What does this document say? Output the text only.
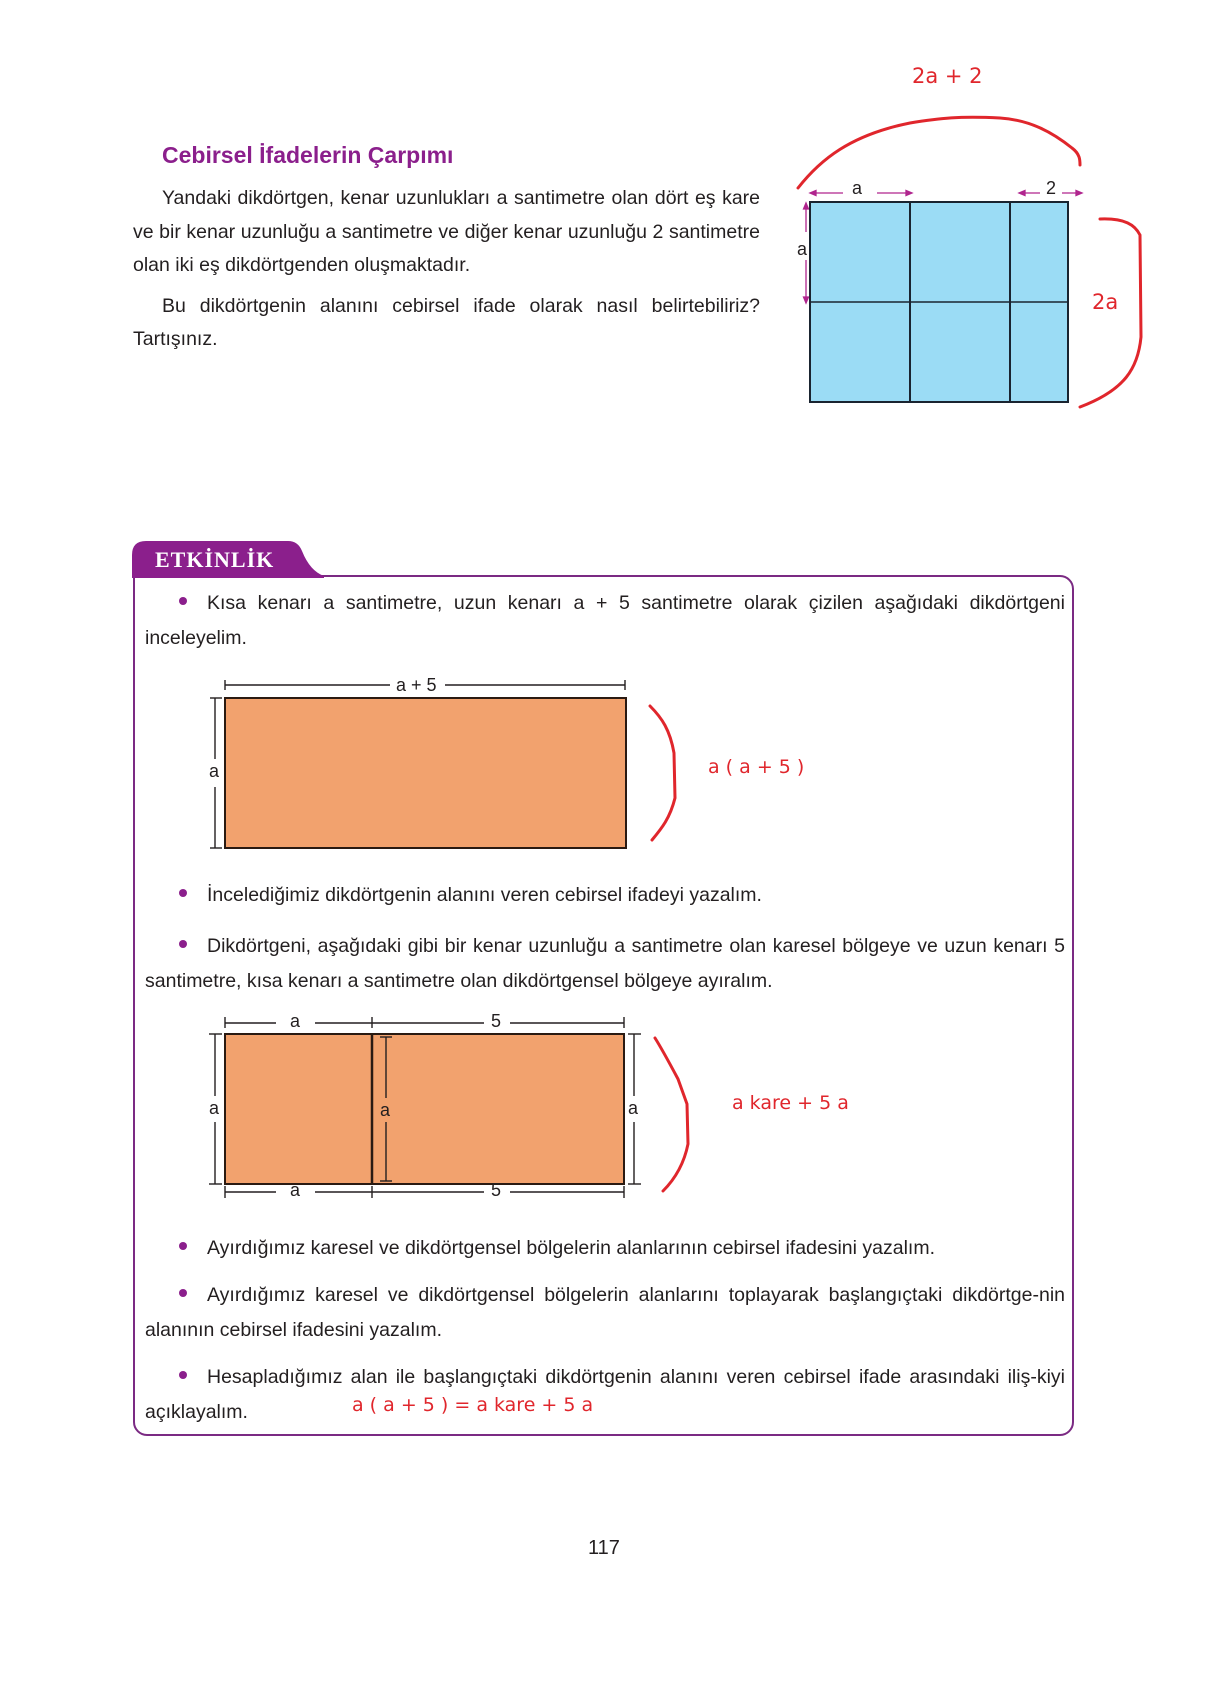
Cebirsel İfadelerin Çarpımı

Yandaki dikdörtgen, kenar uzunlukları a santimetre olan dört eş kare ve bir kenar uzunluğu a santimetre ve diğer kenar uzunluğu 2 santimetre olan iki eş dikdörtgenden oluşmaktadır.

Bu dikdörtgenin alanını cebirsel ifade olarak nasıl belirtebiliriz? Tartışınız.

a	2
a
2a + 2
2a
ETKİNLİK
Kısa kenarı a santimetre, uzun kenarı a + 5 santimetre olarak çizilen aşağıdaki dikdörtgeni inceleyelim.
a + 5
a	a ( a + 5 )
İncelediğimiz dikdörtgenin alanını veren cebirsel ifadeyi yazalım.
Dikdörtgeni, aşağıdaki gibi bir kenar uzunluğu a santimetre olan karesel bölgeye ve uzun kenarı 5 santimetre, kısa kenarı a santimetre olan dikdörtgensel bölgeye ayıralım.
a	5
a	5
a	a	a	a kare + 5 a
Ayırdığımız karesel ve dikdörtgensel bölgelerin alanlarının cebirsel ifadesini yazalım.
Ayırdığımız karesel ve dikdörtgensel bölgelerin alanlarını toplayarak başlangıçtaki dikdörtge-nin alanının cebirsel ifadesini yazalım.
Hesapladığımız alan ile başlangıçtaki dikdörtgenin alanını veren cebirsel ifade arasındaki iliş-kiyi açıklayalım.	a ( a + 5 ) = a kare + 5 a
117
